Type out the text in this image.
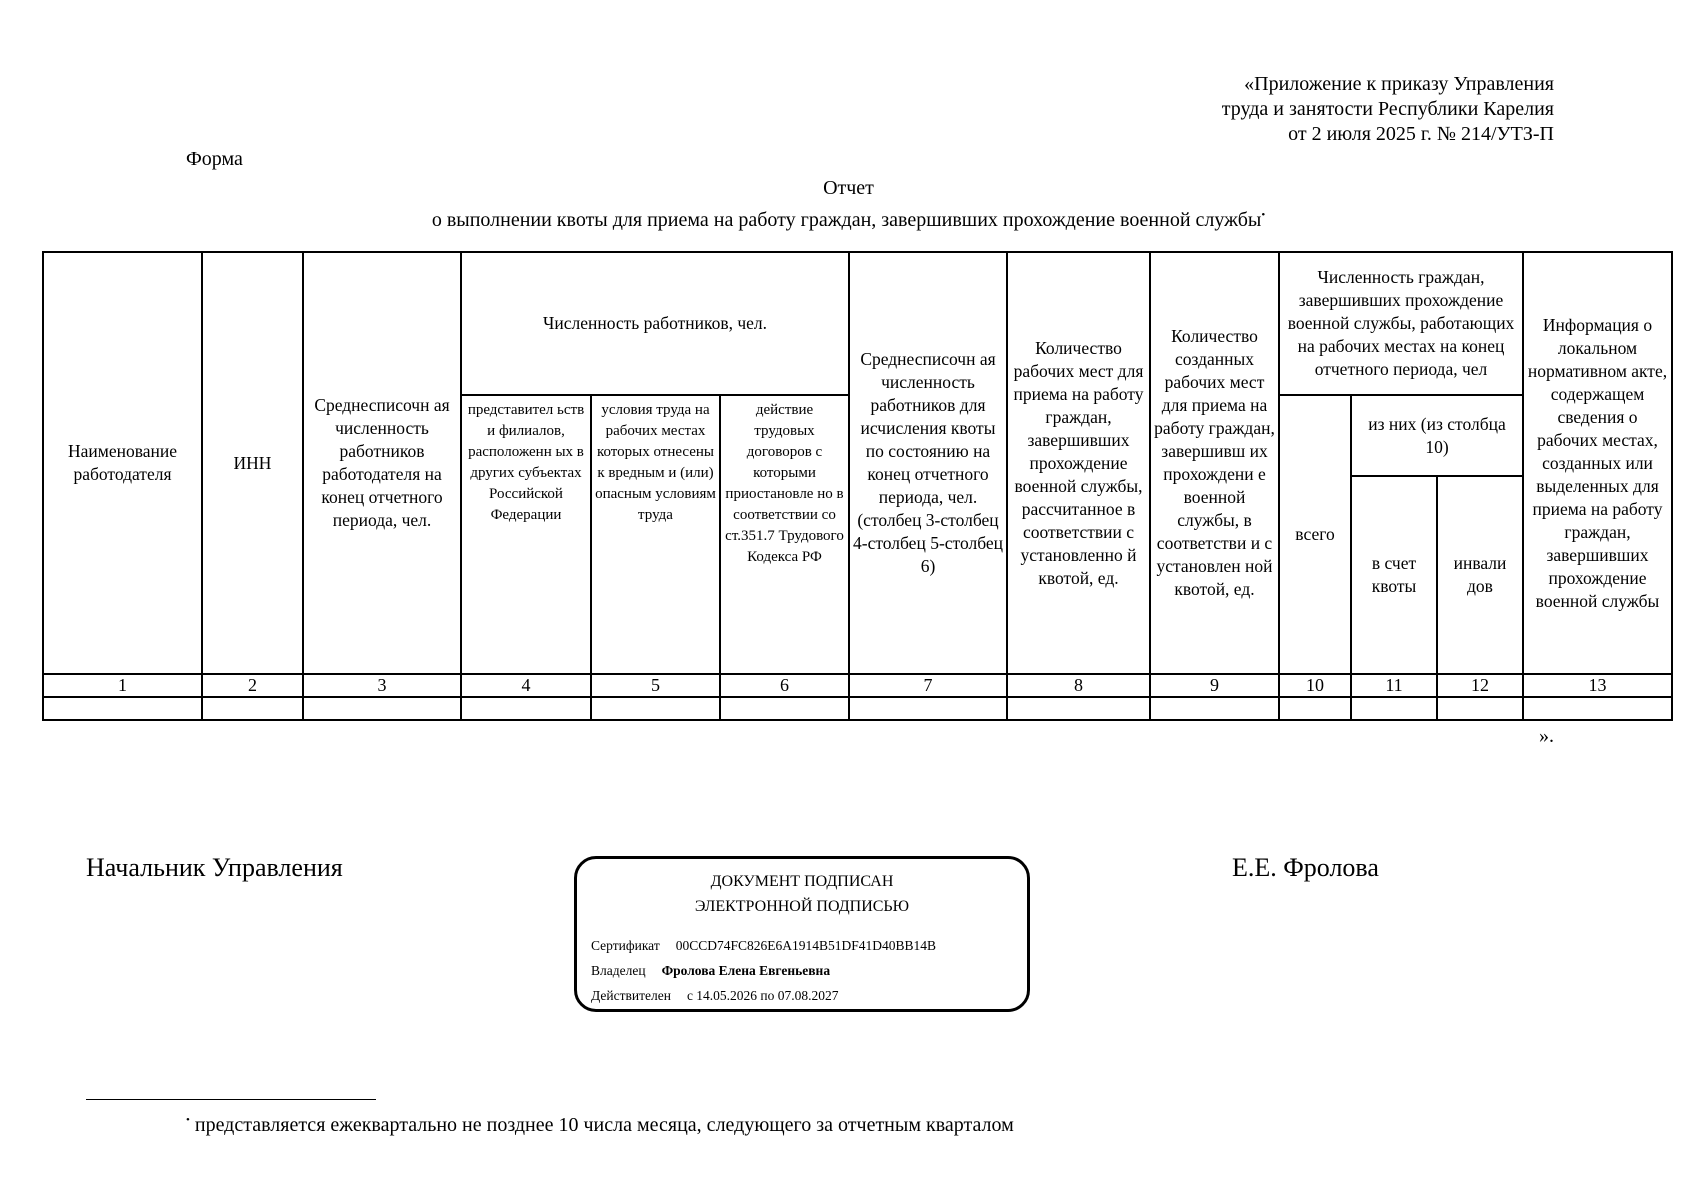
«Приложение к приказу Управления
труда и занятости Республики Карелия
от 2 июля 2025 г. № 214/УТЗ-П
Форма
Отчет
о выполнении квоты для приема на работу граждан, завершивших прохождение военной службы•
Наименование работодателя	ИНН	Среднесписочн ая численность работников работодателя на конец отчетного периода, чел.	Численность работников, чел.			Среднесписочн ая численность работников для исчисления квоты по состоянию на конец отчетного периода, чел. (столбец 3-столбец 4-столбец 5-столбец 6)	Количество рабочих мест для приема на работу граждан, завершивших прохождение военной службы, рассчитанное в соответствии с установленно й квотой, ед.	Количество созданных рабочих мест для приема на работу граждан, завершивш их прохождени е военной службы, в соответстви и с установлен ной квотой, ед.	Численность граждан, завершивших прохождение военной службы, работающих на рабочих местах на конец отчетного периода, чел			Информация о локальном нормативном акте, содержащем сведения о рабочих местах, созданных или выделенных для приема на работу граждан, завершивших прохождение военной службы

			представител ьств и филиалов, расположенн ых в других субъектах Российской Федерации	условия труда на рабочих местах которых отнесены к вредным и (или) опасным условиям труда	действие трудовых договоров с которыми приостановле но в соответствии со ст.351.7 Трудового Кодекса РФ				всего	из них (из столбца 10)		
										в счет квоты	инвали дов	
1	2	3	4	5	6	7	8	9	10	11	12	13

».
Начальник Управления	Е.Е. Фролова
ДОКУМЕНТ ПОДПИСАН
ЭЛЕКТРОННОЙ ПОДПИСЬЮ
Сертификат 00CCD74FC826E6A1914B51DF41D40BB14B
Владелец Фролова Елена Евгеньевна
Действителен с 14.05.2026 по 07.08.2027
• представляется ежеквартально не позднее 10 числа месяца, следующего за отчетным кварталом
